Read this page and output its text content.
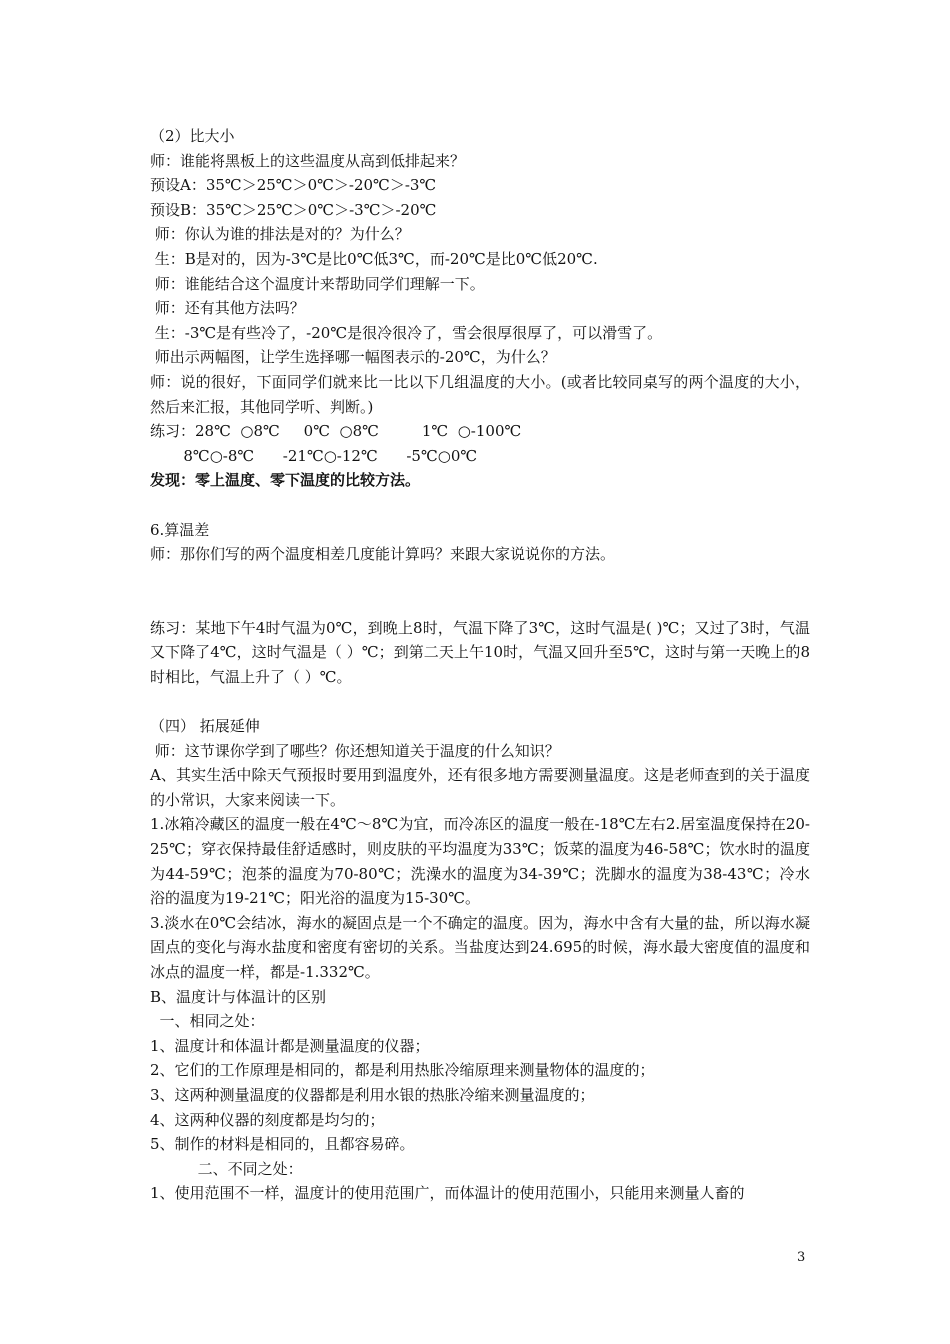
（2）比大小
师：谁能将黑板上的这些温度从高到低排起来？
预设A：35℃＞25℃＞0℃＞-20℃＞-3℃
预设B：35℃＞25℃＞0℃＞-3℃＞-20℃
师：你认为谁的排法是对的？为什么？
生：B是对的，因为-3℃是比0℃低3℃，而-20℃是比0℃低20℃.
师：谁能结合这个温度计来帮助同学们理解一下。
师：还有其他方法吗？
生：-3℃是有些冷了，-20℃是很冷很冷了，雪会很厚很厚了，可以滑雪了。
师出示两幅图，让学生选择哪一幅图表示的-20℃，为什么？
师：说的很好，下面同学们就来比一比以下几组温度的大小。(或者比较同桌写的两个温度的大小，然后来汇报，其他同学听、判断。)
练习：28℃  ○8℃     0℃  ○8℃         1℃  ○-100℃
8℃○-8℃      -21℃○-12℃      -5℃○0℃
发现：零上温度、零下温度的比较方法。
6.算温差
师：那你们写的两个温度相差几度能计算吗？来跟大家说说你的方法。
练习：某地下午4时气温为0℃，到晚上8时，气温下降了3℃，这时气温是( )℃；又过了3时，气温又下降了4℃，这时气温是（ ）℃；到第二天上午10时，气温又回升至5℃，这时与第一天晚上的8时相比，气温上升了（ ）℃。
（四） 拓展延伸
师：这节课你学到了哪些？你还想知道关于温度的什么知识？
A、其实生活中除天气预报时要用到温度外，还有很多地方需要测量温度。这是老师查到的关于温度的小常识，大家来阅读一下。
1.冰箱冷藏区的温度一般在4℃～8℃为宜，而冷冻区的温度一般在-18℃左右2.居室温度保持在20-25℃；穿衣保持最佳舒适感时，则皮肤的平均温度为33℃；饭菜的温度为46-58℃；饮水时的温度为44-59℃；泡茶的温度为70-80℃；洗澡水的温度为34-39℃；洗脚水的温度为38-43℃；冷水浴的温度为19-21℃；阳光浴的温度为15-30℃。
3.淡水在0℃会结冰，海水的凝固点是一个不确定的温度。因为，海水中含有大量的盐，所以海水凝固点的变化与海水盐度和密度有密切的关系。当盐度达到24.695的时候，海水最大密度值的温度和冰点的温度一样，都是-1.332℃。
B、温度计与体温计的区别
一、相同之处：
1、温度计和体温计都是测量温度的仪器；
2、它们的工作原理是相同的，都是利用热胀冷缩原理来测量物体的温度的；
3、这两种测量温度的仪器都是利用水银的热胀冷缩来测量温度的；
4、这两种仪器的刻度都是均匀的；
5、制作的材料是相同的，且都容易碎。
二、不同之处：
1、使用范围不一样，温度计的使用范围广，而体温计的使用范围小，只能用来测量人畜的
3
